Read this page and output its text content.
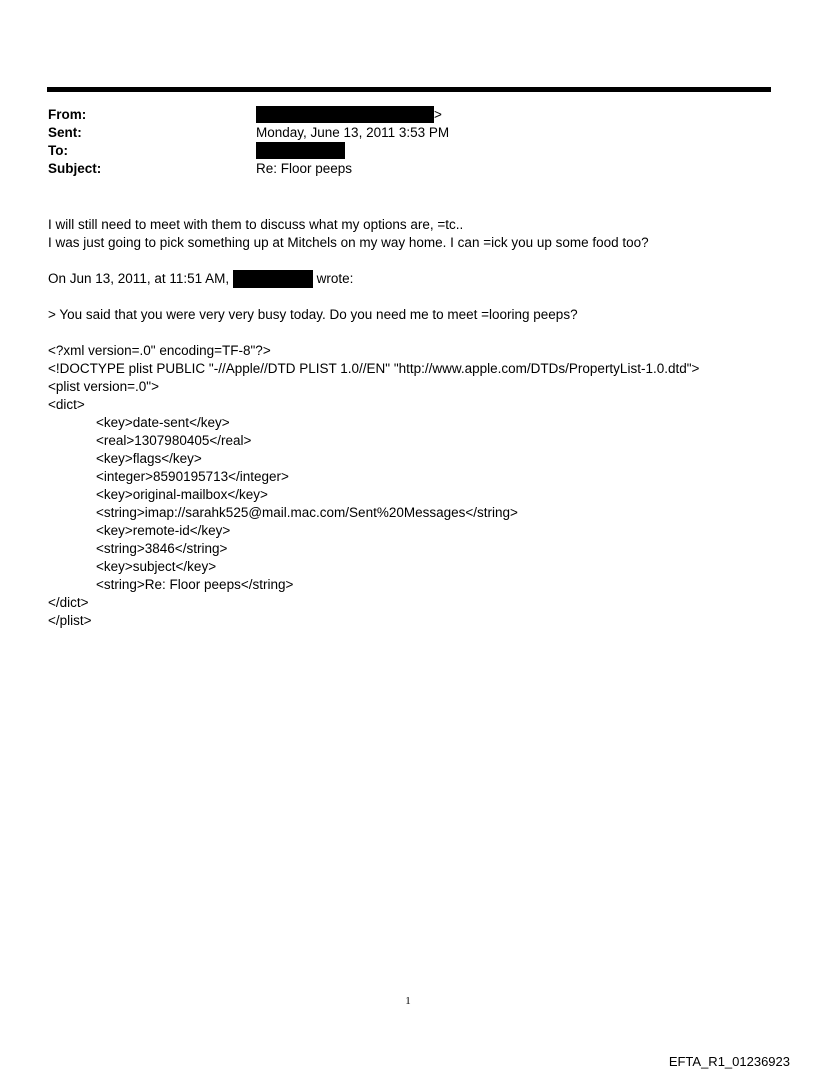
From:	>
Sent:	Monday, June 13, 2011 3:53 PM
To:
Subject:	Re: Floor peeps
I will still need to meet with them to discuss what my options are, =tc..
I was just going to pick something up at Mitchels on my way home. I can =ick you up some food too?
On Jun 13, 2011, at 11:51 AM,	wrote:
> You said that you were very very busy today. Do you need me to meet =looring peeps?
<?xml version=.0" encoding=TF-8"?>
<!DOCTYPE plist PUBLIC "-//Apple//DTD PLIST 1.0//EN" "http://www.apple.com/DTDs/PropertyList-1.0.dtd">
<plist version=.0">
<dict>
<key>date-sent</key>
<real>1307980405</real>
<key>flags</key>
<integer>8590195713</integer>
<key>original-mailbox</key>
<string>imap://sarahk525@mail.mac.com/Sent%20Messages</string>
<key>remote-id</key>
<string>3846</string>
<key>subject</key>
<string>Re: Floor peeps</string>
</dict>
</plist>
1
EFTA_R1_01236923
